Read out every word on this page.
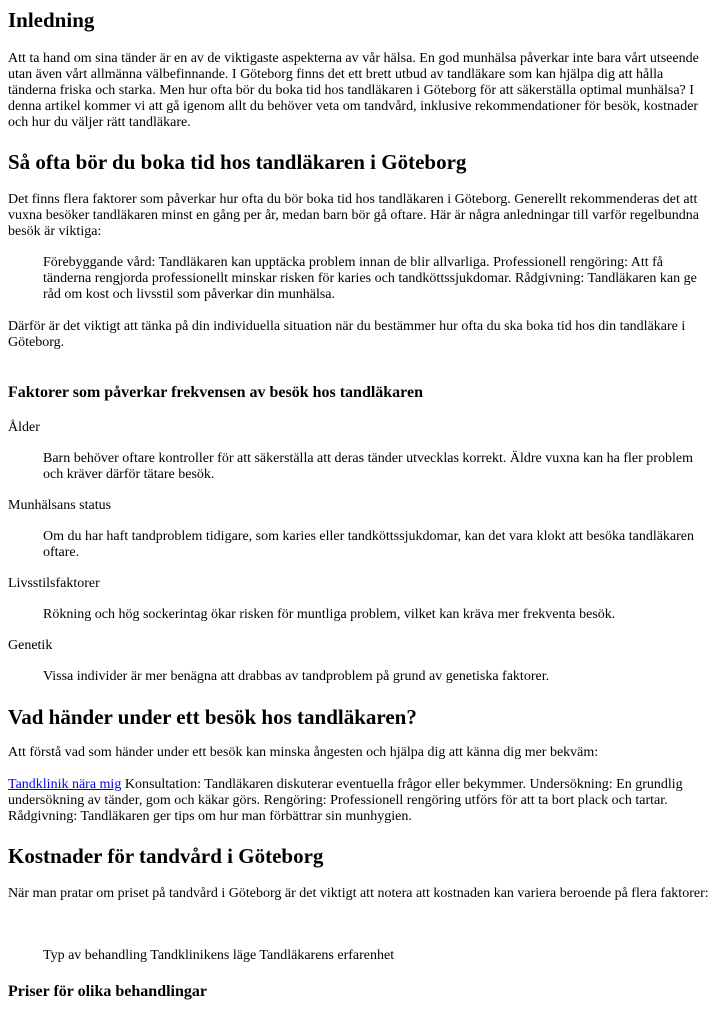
Inledning

Att ta hand om sina tänder är en av de viktigaste aspekterna av vår hälsa. En god munhälsa påverkar inte bara vårt utseende utan även vårt allmänna välbefinnande. I Göteborg finns det ett brett utbud av tandläkare som kan hjälpa dig att hålla tänderna friska och starka. Men hur ofta bör du boka tid hos tandläkaren i Göteborg för att säkerställa optimal munhälsa? I denna artikel kommer vi att gå igenom allt du behöver veta om tandvård, inklusive rekommendationer för besök, kostnader och hur du väljer rätt tandläkare.

Så ofta bör du boka tid hos tandläkaren i Göteborg

Det finns flera faktorer som påverkar hur ofta du bör boka tid hos tandläkaren i Göteborg. Generellt rekommenderas det att vuxna besöker tandläkaren minst en gång per år, medan barn bör gå oftare. Här är några anledningar till varför regelbundna besök är viktiga:

Förebyggande vård: Tandläkaren kan upptäcka problem innan de blir allvarliga. Professionell rengöring: Att få tänderna rengjorda professionellt minskar risken för karies och tandköttssjukdomar. Rådgivning: Tandläkaren kan ge råd om kost och livsstil som påverkar din munhälsa.

Därför är det viktigt att tänka på din individuella situation när du bestämmer hur ofta du ska boka tid hos din tandläkare i Göteborg.

Faktorer som påverkar frekvensen av besök hos tandläkaren

Ålder

Barn behöver oftare kontroller för att säkerställa att deras tänder utvecklas korrekt. Äldre vuxna kan ha fler problem och kräver därför tätare besök.

Munhälsans status

Om du har haft tandproblem tidigare, som karies eller tandköttssjukdomar, kan det vara klokt att besöka tandläkaren oftare.

Livsstilsfaktorer

Rökning och hög sockerintag ökar risken för muntliga problem, vilket kan kräva mer frekventa besök.

Genetik

Vissa individer är mer benägna att drabbas av tandproblem på grund av genetiska faktorer.
Vad händer under ett besök hos tandläkaren?

Att förstå vad som händer under ett besök kan minska ångesten och hjälpa dig att känna dig mer bekväm:

Tandklinik nära mig Konsultation: Tandläkaren diskuterar eventuella frågor eller bekymmer. Undersökning: En grundlig undersökning av tänder, gom och käkar görs. Rengöring: Professionell rengöring utförs för att ta bort plack och tartar. Rådgivning: Tandläkaren ger tips om hur man förbättrar sin munhygien.

Kostnader för tandvård i Göteborg

När man pratar om priset på tandvård i Göteborg är det viktigt att notera att kostnaden kan variera beroende på flera faktorer:

Typ av behandling Tandklinikens läge Tandläkarens erfarenhet
Priser för olika behandlingar
